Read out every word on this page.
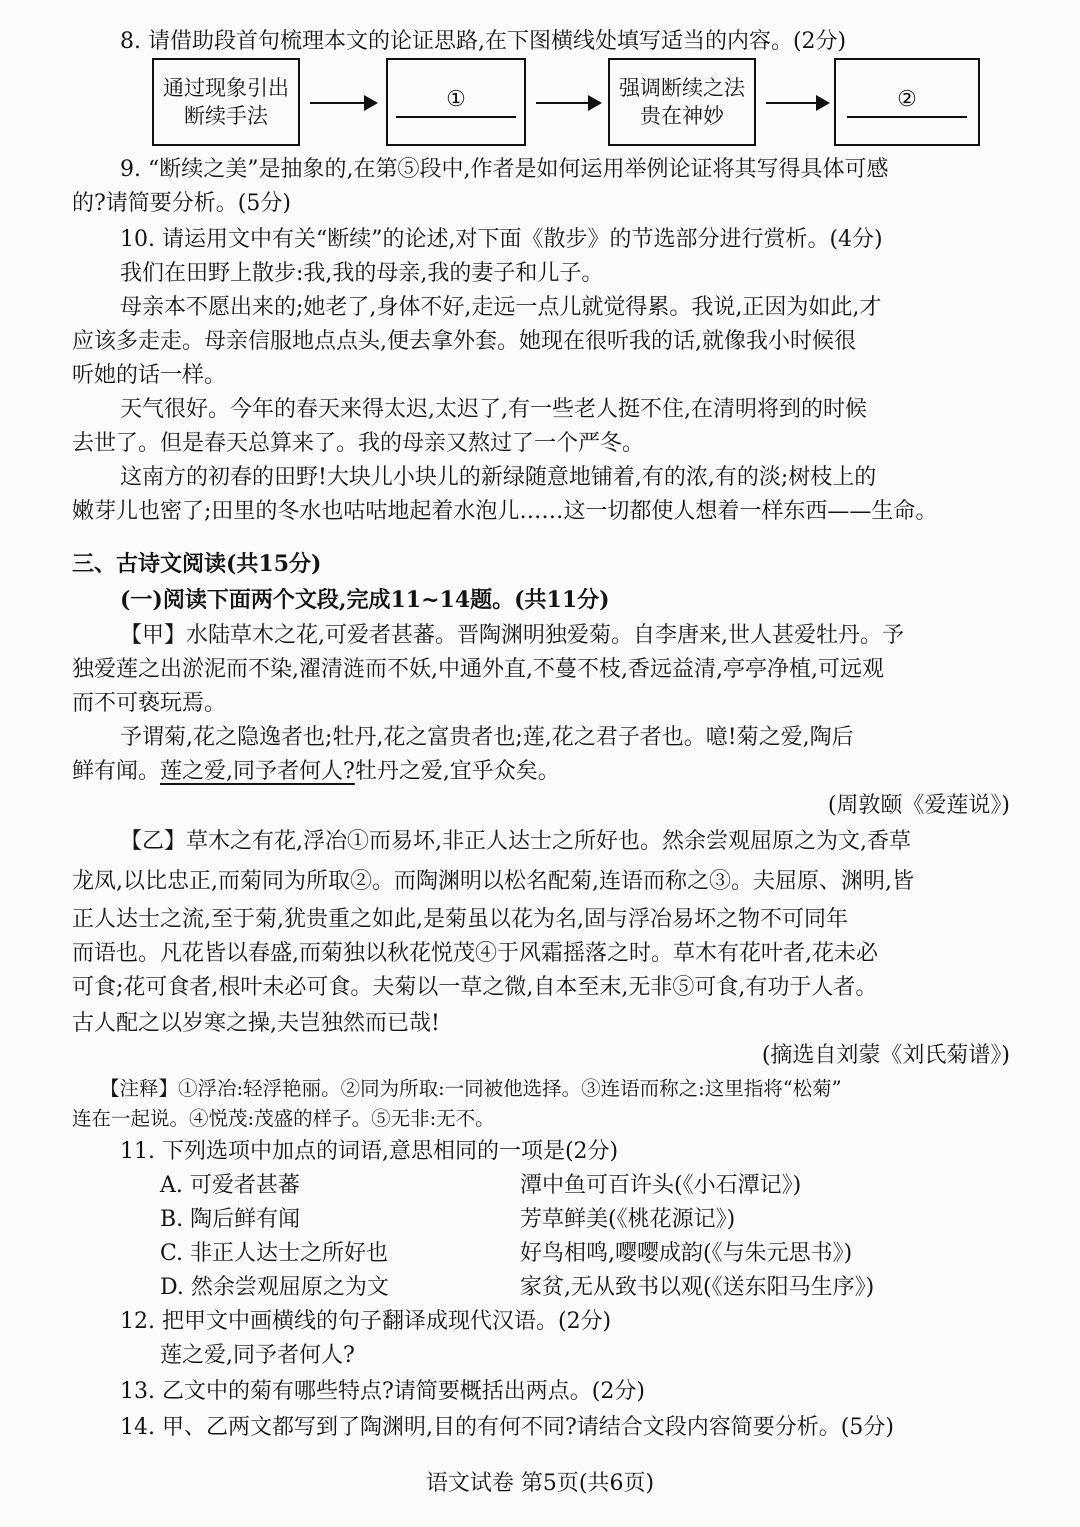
8. 请借助段首句梳理本文的论证思路,在下图横线处填写适当的内容。(2分)
通过现象引出
断续手法
①	强调断续之法
贵在神妙
②
9. “断续之美”是抽象的,在第⑤段中,作者是如何运用举例论证将其写得具体可感
的?请简要分析。(5分)
10. 请运用文中有关“断续”的论述,对下面《散步》的节选部分进行赏析。(4分)
我们在田野上散步:我,我的母亲,我的妻子和儿子。
母亲本不愿出来的;她老了,身体不好,走远一点儿就觉得累。我说,正因为如此,才
应该多走走。母亲信服地点点头,便去拿外套。她现在很听我的话,就像我小时候很
听她的话一样。
天气很好。今年的春天来得太迟,太迟了,有一些老人挺不住,在清明将到的时候
去世了。但是春天总算来了。我的母亲又熬过了一个严冬。
这南方的初春的田野!大块儿小块儿的新绿随意地铺着,有的浓,有的淡;树枝上的
嫩芽儿也密了;田里的冬水也咕咕地起着水泡儿……这一切都使人想着一样东西——生命。
三、古诗文阅读(共15分)
(一)阅读下面两个文段,完成11~14题。(共11分)
【甲】水陆草木之花,可爱者甚蕃。晋陶渊明独爱菊。自李唐来,世人甚爱牡丹。予
独爱莲之出淤泥而不染,濯清涟而不妖,中通外直,不蔓不枝,香远益清,亭亭净植,可远观
而不可亵玩焉。
予谓菊,花之隐逸者也;牡丹,花之富贵者也;莲,花之君子者也。噫!菊之爱,陶后
鲜有闻。莲之爱,同予者何人?牡丹之爱,宜乎众矣。
(周敦颐《爱莲说》)
【乙】草木之有花,浮冶①而易坏,非正人达士之所好也。然余尝观屈原之为文,香草
龙凤,以比忠正,而菊同为所取②。而陶渊明以松名配菊,连语而称之③。夫屈原、渊明,皆
正人达士之流,至于菊,犹贵重之如此,是菊虽以花为名,固与浮冶易坏之物不可同年
而语也。凡花皆以春盛,而菊独以秋花悦茂④于风霜摇落之时。草木有花叶者,花未必
可食;花可食者,根叶未必可食。夫菊以一草之微,自本至末,无非⑤可食,有功于人者。
古人配之以岁寒之操,夫岂独然而已哉!
(摘选自刘蒙《刘氏菊谱》)
【注释】①浮冶:轻浮艳丽。②同为所取:一同被他选择。③连语而称之:这里指将“松菊”
连在一起说。④悦茂:茂盛的样子。⑤无非:无不。
11. 下列选项中加点的词语,意思相同的一项是(2分)
A. 可爱者甚蕃	潭中鱼可百许头(《小石潭记》)
B. 陶后鲜有闻	芳草鲜美(《桃花源记》)
C. 非正人达士之所好也	好鸟相鸣,嘤嘤成韵(《与朱元思书》)
D. 然余尝观屈原之为文	家贫,无从致书以观(《送东阳马生序》)
12. 把甲文中画横线的句子翻译成现代汉语。(2分)
莲之爱,同予者何人?
13. 乙文中的菊有哪些特点?请简要概括出两点。(2分)
14. 甲、乙两文都写到了陶渊明,目的有何不同?请结合文段内容简要分析。(5分)
语文试卷 第5页(共6页)
